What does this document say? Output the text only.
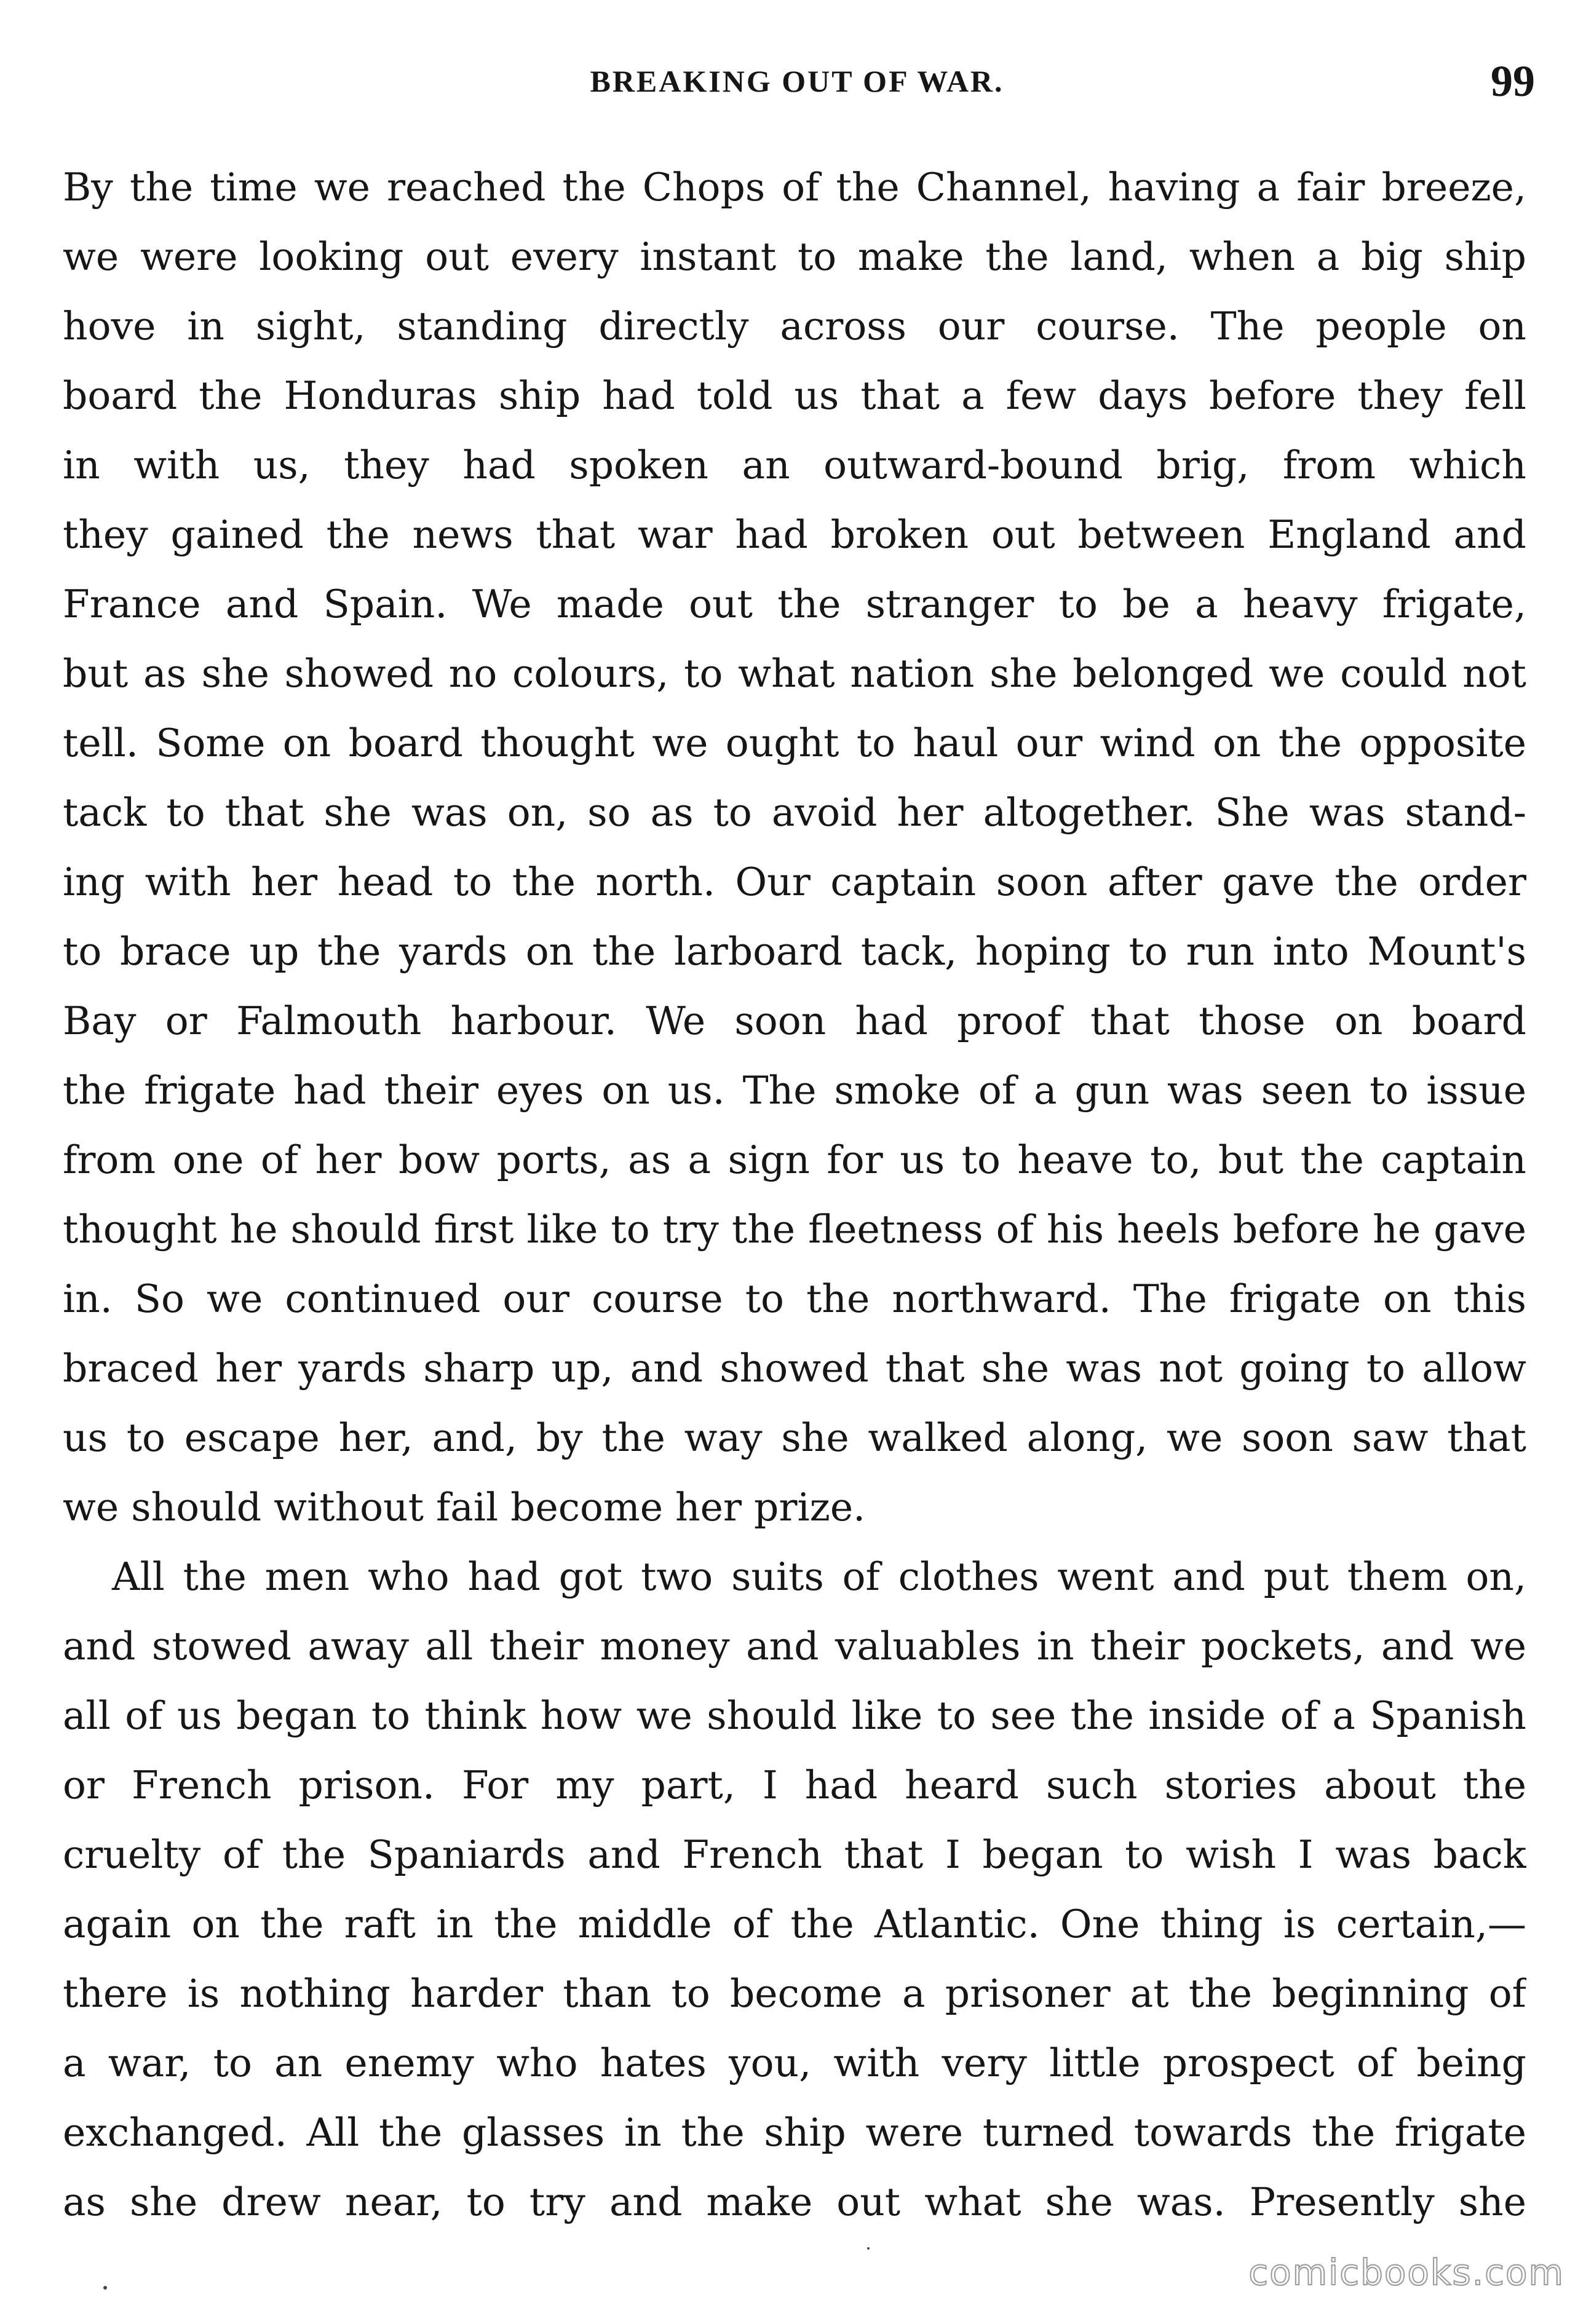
BREAKING OUT OF WAR.	99
By the time we reached the Chops of the Channel, having a fair breeze,
we were looking out every instant to make the land, when a big ship
hove in sight, standing directly across our course. The people on
board the Honduras ship had told us that a few days before they fell
in with us, they had spoken an outward-bound brig, from which
they gained the news that war had broken out between England and
France and Spain. We made out the stranger to be a heavy frigate,
but as she showed no colours, to what nation she belonged we could not
tell. Some on board thought we ought to haul our wind on the opposite
tack to that she was on, so as to avoid her altogether. She was stand-
ing with her head to the north. Our captain soon after gave the order
to brace up the yards on the larboard tack, hoping to run into Mount's
Bay or Falmouth harbour. We soon had proof that those on board
the frigate had their eyes on us. The smoke of a gun was seen to issue
from one of her bow ports, as a sign for us to heave to, but the captain
thought he should first like to try the fleetness of his heels before he gave
in. So we continued our course to the northward. The frigate on this
braced her yards sharp up, and showed that she was not going to allow
us to escape her, and, by the way she walked along, we soon saw that
we should without fail become her prize.
All the men who had got two suits of clothes went and put them on,
and stowed away all their money and valuables in their pockets, and we
all of us began to think how we should like to see the inside of a Spanish
or French prison. For my part, I had heard such stories about the
cruelty of the Spaniards and French that I began to wish I was back
again on the raft in the middle of the Atlantic. One thing is certain,—
there is nothing harder than to become a prisoner at the beginning of
a war, to an enemy who hates you, with very little prospect of being
exchanged. All the glasses in the ship were turned towards the frigate
as she drew near, to try and make out what she was. Presently she
comicbooks.com
